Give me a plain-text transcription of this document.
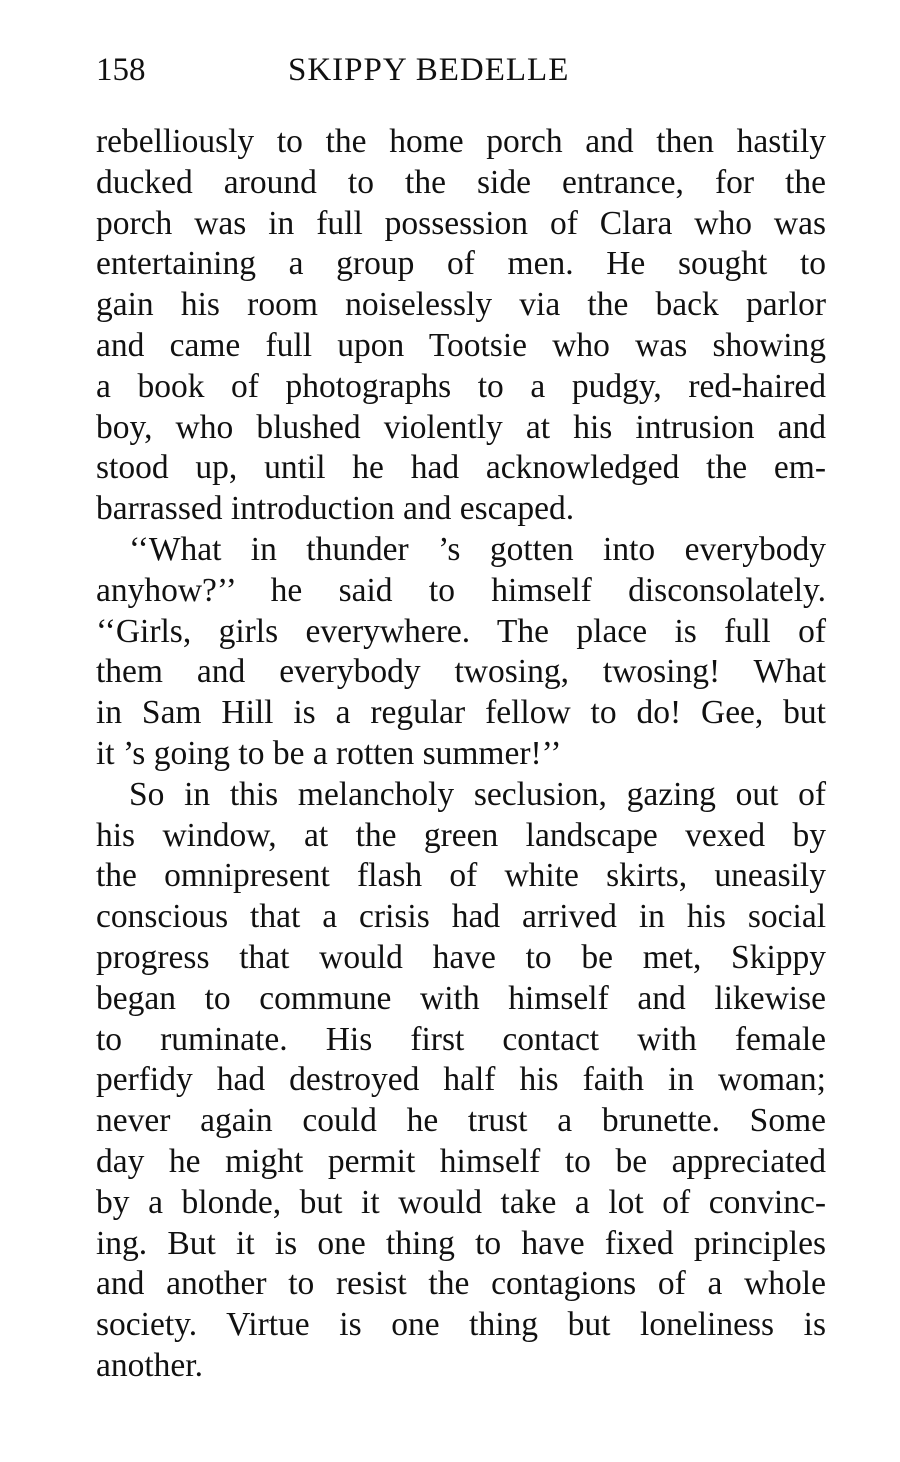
158	SKIPPY BEDELLE
rebelliously to the home porch and then hastily
ducked around to the side entrance, for the
porch was in full possession of Clara who was
entertaining a group of men. He sought to
gain his room noiselessly via the back parlor
and came full upon Tootsie who was showing
a book of photographs to a pudgy, red-haired
boy, who blushed violently at his intrusion and
stood up, until he had acknowledged the em-
barrassed introduction and escaped.
‘‘What in thunder ’s gotten into everybody
anyhow?’’ he said to himself disconsolately.
‘‘Girls, girls everywhere. The place is full of
them and everybody twosing, twosing! What
in Sam Hill is a regular fellow to do! Gee, but
it ’s going to be a rotten summer!’’
So in this melancholy seclusion, gazing out of
his window, at the green landscape vexed by
the omnipresent flash of white skirts, uneasily
conscious that a crisis had arrived in his social
progress that would have to be met, Skippy
began to commune with himself and likewise
to ruminate. His first contact with female
perfidy had destroyed half his faith in woman;
never again could he trust a brunette. Some
day he might permit himself to be appreciated
by a blonde, but it would take a lot of convinc-
ing. But it is one thing to have fixed principles
and another to resist the contagions of a whole
society. Virtue is one thing but loneliness is
another.
